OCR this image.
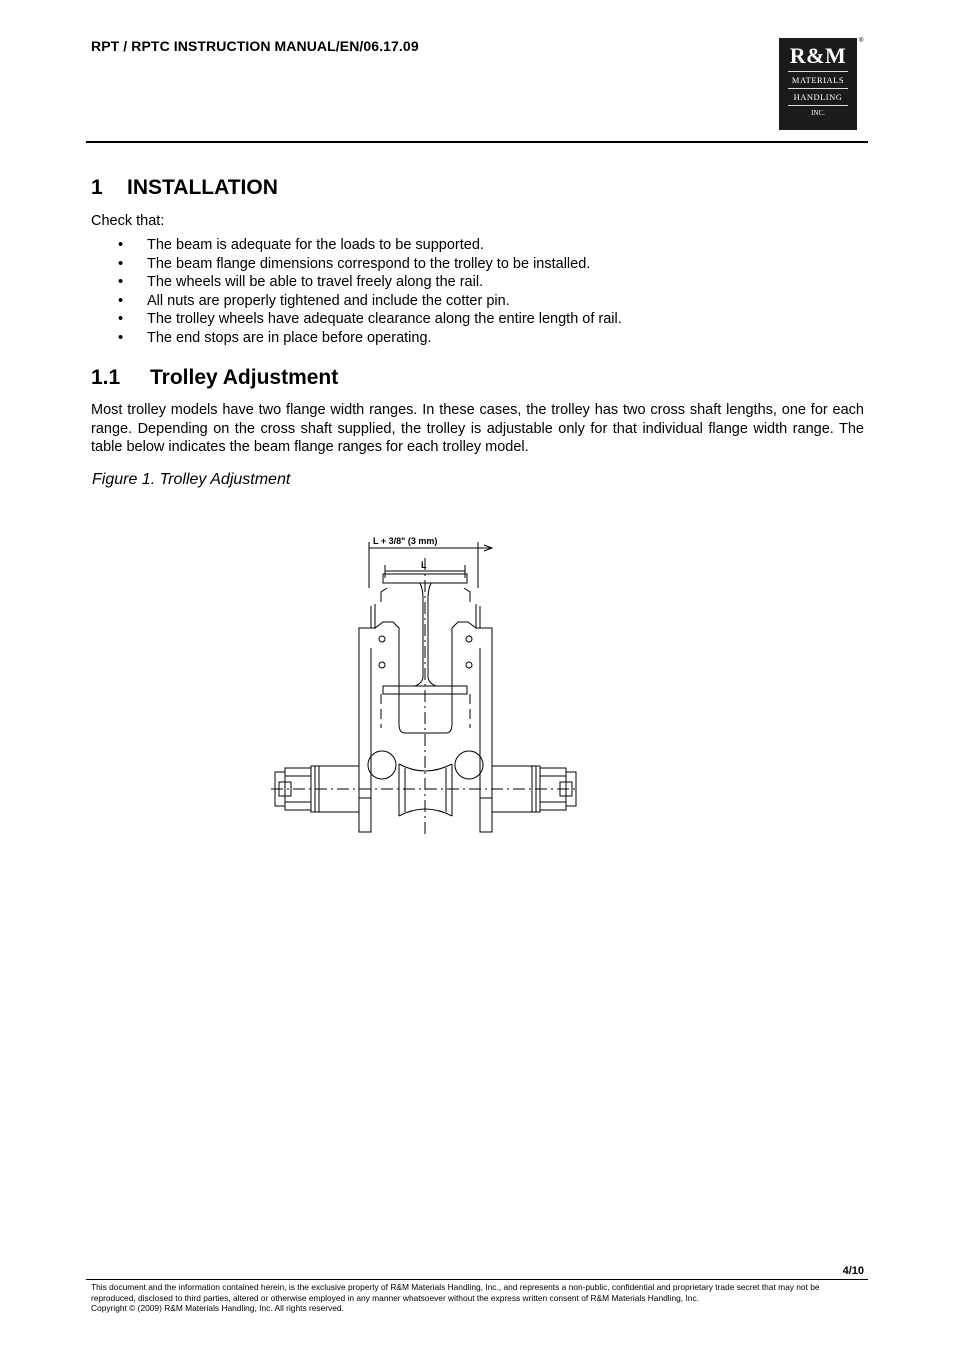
RPT / RPTC INSTRUCTION MANUAL/EN/06.17.09	R&M
MATERIALS
HANDLING
INC.
®
1 INSTALLATION
Check that:
• The beam is adequate for the loads to be supported.
• The beam flange dimensions correspond to the trolley to be installed.
• The wheels will be able to travel freely along the rail.
• All nuts are properly tightened and include the cotter pin.
• The trolley wheels have adequate clearance along the entire length of rail.
• The end stops are in place before operating.
1.1 Trolley Adjustment

Most trolley models have two flange width ranges. In these cases, the trolley has two cross shaft lengths, one for each range. Depending on the cross shaft supplied, the trolley is adjustable only for that individual flange width range. The table below indicates the beam flange ranges for each trolley model.

Figure 1. Trolley Adjustment
L + 3/8" (3 mm)
L
4/10
This document and the information contained herein, is the exclusive property of R&M Materials Handling, Inc., and represents a non-public, confidential and proprietary trade secret that may not be reproduced, disclosed to third parties, altered or otherwise employed in any manner whatsoever without the express written consent of R&M Materials Handling, Inc.
Copyright © (2009) R&M Materials Handling, Inc. All rights reserved.
